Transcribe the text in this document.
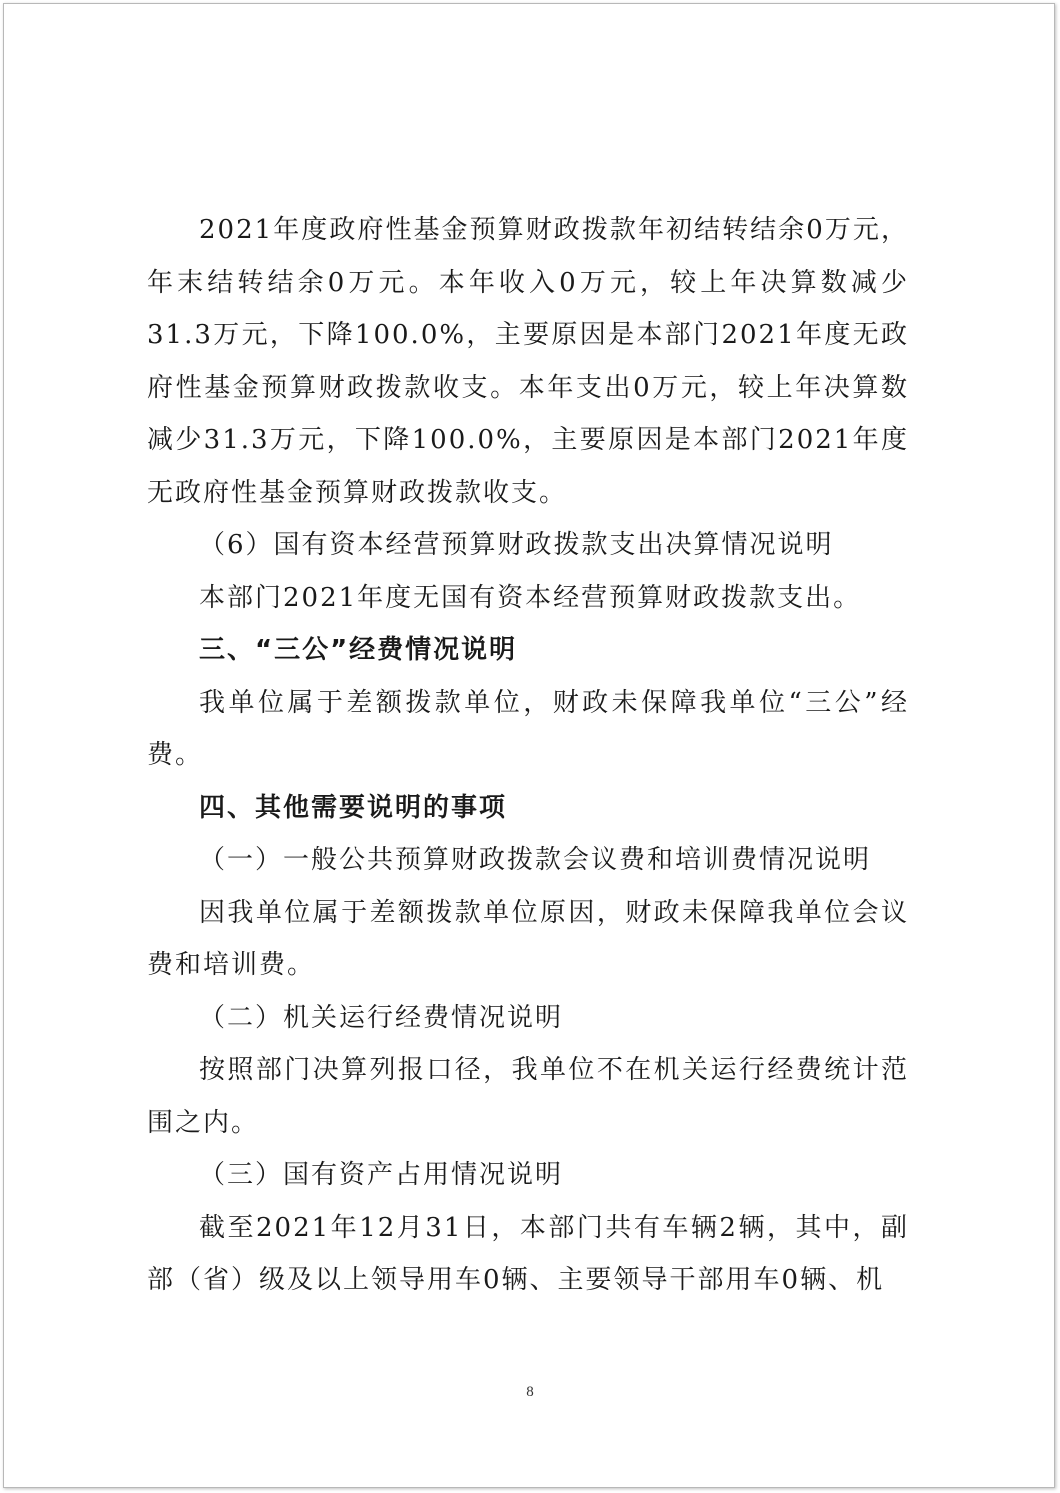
2021年度政府性基金预算财政拨款年初结转结余0万元，年末结转结余0万元。本年收入0万元，较上年决算数减少31.3万元，下降100.0%，主要原因是本部门2021年度无政府性基金预算财政拨款收支。本年支出0万元，较上年决算数减少31.3万元，下降100.0%，主要原因是本部门2021年度无政府性基金预算财政拨款收支。

（6）国有资本经营预算财政拨款支出决算情况说明

本部门2021年度无国有资本经营预算财政拨款支出。

三、“三公”经费情况说明

我单位属于差额拨款单位，财政未保障我单位“三公”经费。

四、其他需要说明的事项

（一）一般公共预算财政拨款会议费和培训费情况说明

因我单位属于差额拨款单位原因，财政未保障我单位会议费和培训费。

（二）机关运行经费情况说明

按照部门决算列报口径，我单位不在机关运行经费统计范围之内。

（三）国有资产占用情况说明

截至2021年12月31日，本部门共有车辆2辆，其中，副部（省）级及以上领导用车0辆、主要领导干部用车0辆、机

8
